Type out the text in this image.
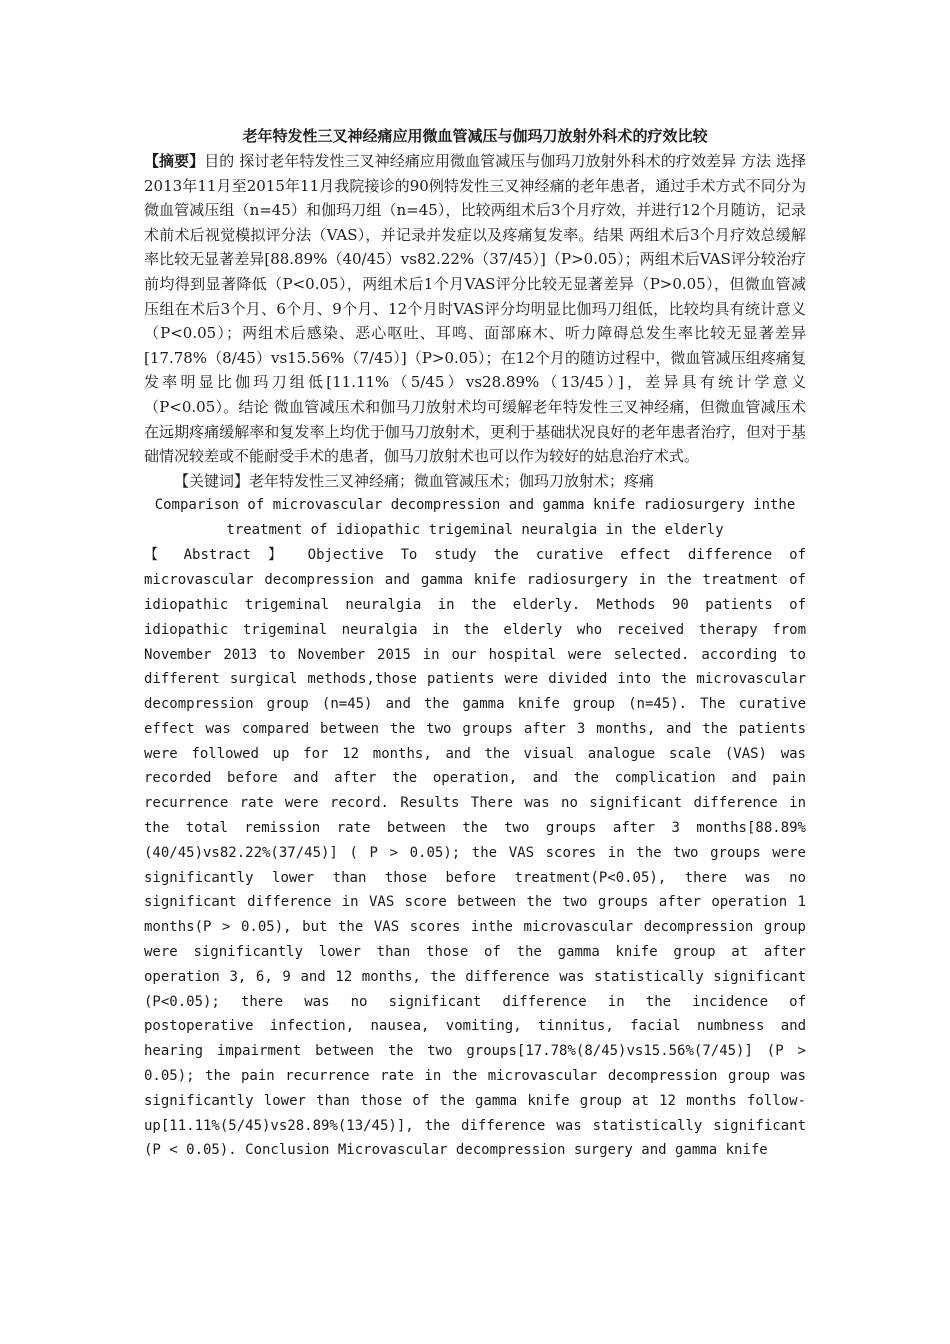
老年特发性三叉神经痛应用微血管减压与伽玛刀放射外科术的疗效比较

【摘要】目的 探讨老年特发性三叉神经痛应用微血管减压与伽玛刀放射外科术的疗效差异 方法 选择2013年11月至2015年11月我院接诊的90例特发性三叉神经痛的老年患者，通过手术方式不同分为微血管减压组（n=45）和伽玛刀组（n=45），比较两组术后3个月疗效，并进行12个月随访，记录术前术后视觉模拟评分法（VAS），并记录并发症以及疼痛复发率。结果 两组术后3个月疗效总缓解率比较无显著差异[88.89%（40/45）vs82.22%（37/45）]（P>0.05）；两组术后VAS评分较治疗前均得到显著降低（P<0.05），两组术后1个月VAS评分比较无显著差异（P>0.05），但微血管减压组在术后3个月、6个月、9个月、12个月时VAS评分均明显比伽玛刀组低，比较均具有统计意义（P<0.05）；两组术后感染、恶心呕吐、耳鸣、面部麻木、听力障碍总发生率比较无显著差异[17.78%（8/45）vs15.56%（7/45）]（P>0.05）；在12个月的随访过程中，微血管减压组疼痛复发率明显比伽玛刀组低[11.11%（5/45）vs28.89%（13/45）]，差异具有统计学意义（P<0.05）。结论 微血管减压术和伽马刀放射术均可缓解老年特发性三叉神经痛，但微血管减压术在远期疼痛缓解率和复发率上均优于伽马刀放射术，更利于基础状况良好的老年患者治疗，但对于基础情况较差或不能耐受手术的患者，伽马刀放射术也可以作为较好的姑息治疗术式。

【关键词】老年特发性三叉神经痛；微血管减压术；伽玛刀放射术；疼痛

Comparison of microvascular decompression and gamma knife radiosurgery inthe

treatment of idiopathic trigeminal neuralgia in the elderly

【 Abstract 】 Objective To study the curative effect difference of microvascular decompression and gamma knife radiosurgery in the treatment of idiopathic trigeminal neuralgia in the elderly. Methods 90 patients of idiopathic trigeminal neuralgia in the elderly who received therapy from November 2013 to November 2015 in our hospital were selected. according to different surgical methods,those patients were divided into the microvascular decompression group (n=45) and the gamma knife group (n=45). The curative effect was compared between the two groups after 3 months, and the patients were followed up for 12 months, and the visual analogue scale (VAS) was recorded before and after the operation, and the complication and pain recurrence rate were record. Results There was no significant difference in the total remission rate between the two groups after 3 months[88.89%(40/45)vs82.22%(37/45)] ( P > 0.05); the VAS scores in the two groups were significantly lower than those before treatment(P<0.05), there was no significant difference in VAS score between the two groups after operation 1 months(P > 0.05), but the VAS scores inthe microvascular decompression group were significantly lower than those of the gamma knife group at after operation 3, 6, 9 and 12 months, the difference was statistically significant (P<0.05); there was no significant difference in the incidence of postoperative infection, nausea, vomiting, tinnitus, facial numbness and hearing impairment between the two groups[17.78%(8/45)vs15.56%(7/45)] (P > 0.05); the pain recurrence rate in the microvascular decompression group was significantly lower than those of the gamma knife group at 12 months follow-up[11.11%(5/45)vs28.89%(13/45)], the difference was statistically significant (P < 0.05). Conclusion Microvascular decompression surgery and gamma knife
